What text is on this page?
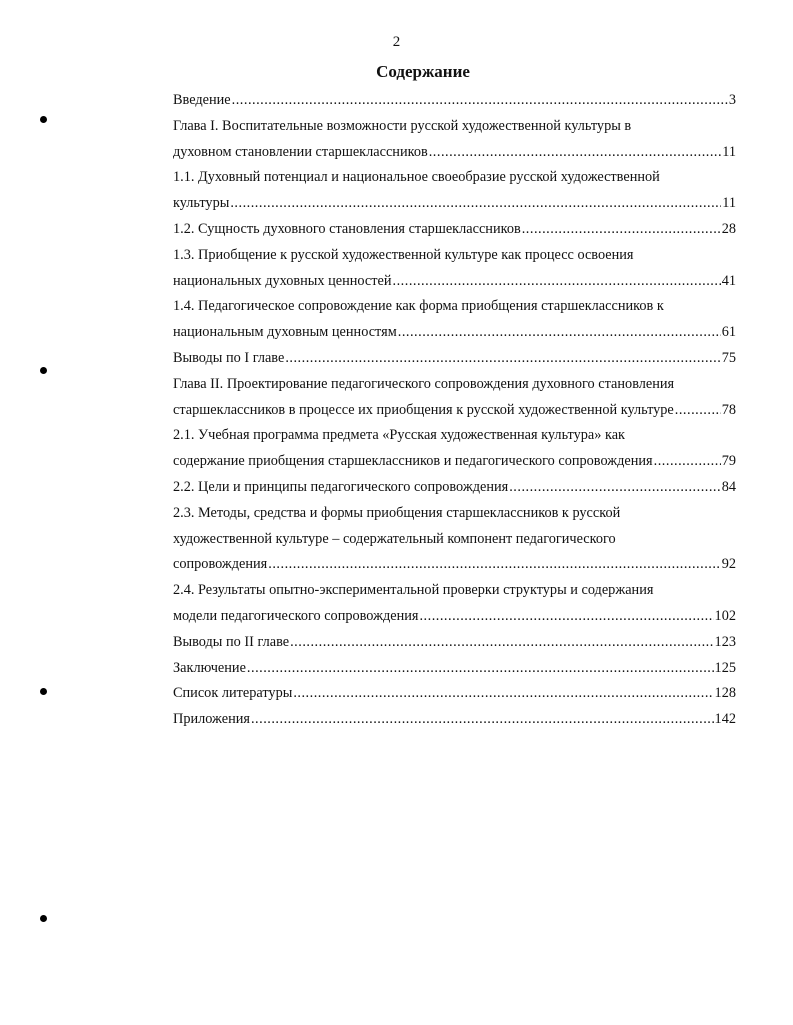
2
Содержание
Введение .....	3
Глава I. Воспитательные возможности русской художественной культуры в
духовном становлении старшеклассников .....	11
1.1. Духовный потенциал и национальное своеобразие русской художественной
культуры .....	11
1.2. Сущность духовного становления старшеклассников .....	28
1.3. Приобщение к русской художественной культуре как процесс освоения
национальных духовных ценностей .....	41
1.4. Педагогическое сопровождение как форма приобщения старшеклассников к
национальным духовным ценностям .....	61
Выводы по I главе .....	75
Глава II. Проектирование педагогического сопровождения духовного становления
старшеклассников в процессе их приобщения к русской художественной культуре .....	78
2.1. Учебная программа предмета «Русская художественная культура» как
содержание приобщения старшеклассников и педагогического сопровождения .....	79
2.2. Цели и принципы педагогического сопровождения .....	84
2.3. Методы, средства и формы приобщения старшеклассников к русской
художественной культуре – содержательный компонент педагогического
сопровождения .....	92
2.4. Результаты опытно-экспериментальной проверки структуры и содержания
модели педагогического сопровождения .....	102
Выводы по II главе .....	123
Заключение .....	125
Список литературы .....	128
Приложения .....	142
